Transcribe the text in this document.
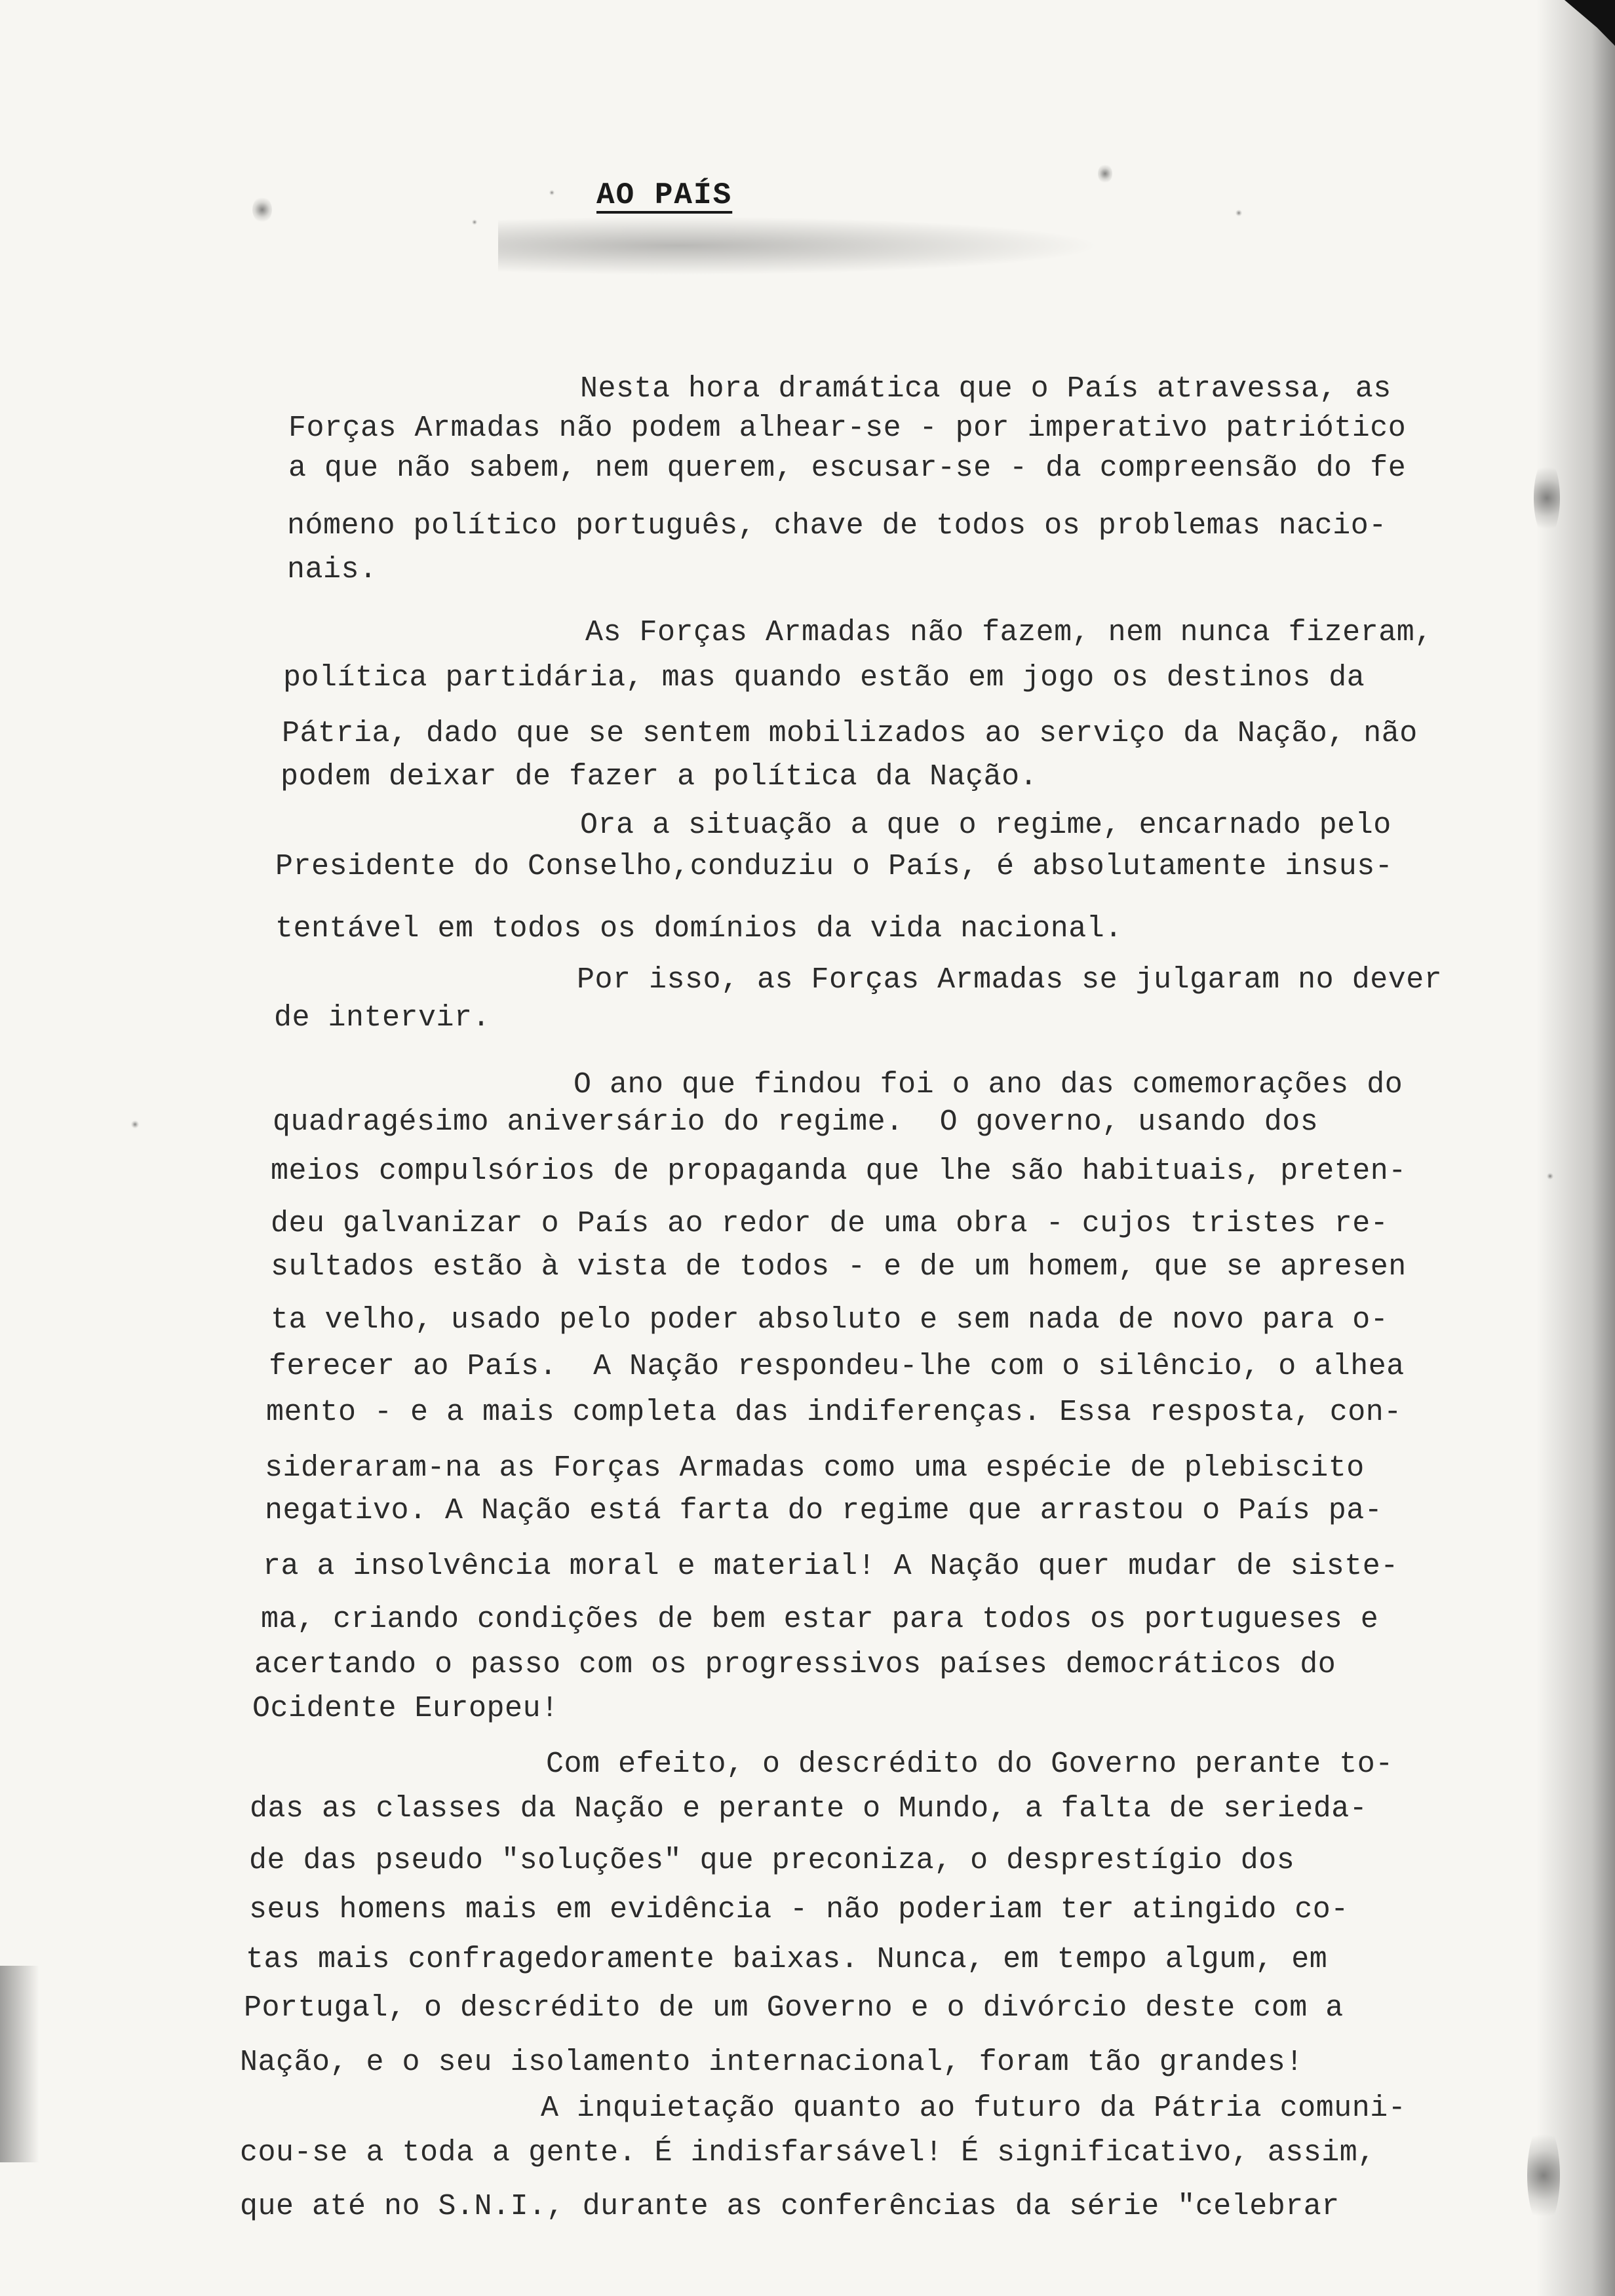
AO PAÍS
Nesta hora dramática que o País atravessa, as
Forças Armadas não podem alhear-se - por imperativo patriótico
a que não sabem, nem querem, escusar-se - da compreensão do fe
nómeno político português, chave de todos os problemas nacio-
nais.
As Forças Armadas não fazem, nem nunca fizeram,
política partidária, mas quando estão em jogo os destinos da
Pátria, dado que se sentem mobilizados ao serviço da Nação, não
podem deixar de fazer a política da Nação.
Ora a situação a que o regime, encarnado pelo
Presidente do Conselho,conduziu o País, é absolutamente insus-
tentável em todos os domínios da vida nacional.
Por isso, as Forças Armadas se julgaram no dever
de intervir.
O ano que findou foi o ano das comemorações do
quadragésimo aniversário do regime.  O governo, usando dos
meios compulsórios de propaganda que lhe são habituais, preten-
deu galvanizar o País ao redor de uma obra - cujos tristes re-
sultados estão à vista de todos - e de um homem, que se apresen
ta velho, usado pelo poder absoluto e sem nada de novo para o-
ferecer ao País.  A Nação respondeu-lhe com o silêncio, o alhea
mento - e a mais completa das indiferenças. Essa resposta, con-
sideraram-na as Forças Armadas como uma espécie de plebiscito
negativo. A Nação está farta do regime que arrastou o País pa-
ra a insolvência moral e material! A Nação quer mudar de siste-
ma, criando condições de bem estar para todos os portugueses e
acertando o passo com os progressivos países democráticos do
Ocidente Europeu!
Com efeito, o descrédito do Governo perante to-
das as classes da Nação e perante o Mundo, a falta de serieda-
de das pseudo "soluções" que preconiza, o desprestígio dos
seus homens mais em evidência - não poderiam ter atingido co-
tas mais confragedoramente baixas. Nunca, em tempo algum, em
Portugal, o descrédito de um Governo e o divórcio deste com a
Nação, e o seu isolamento internacional, foram tão grandes!
A inquietação quanto ao futuro da Pátria comuni-
cou-se a toda a gente. É indisfarsável! É significativo, assim,
que até no S.N.I., durante as conferências da série "celebrar
